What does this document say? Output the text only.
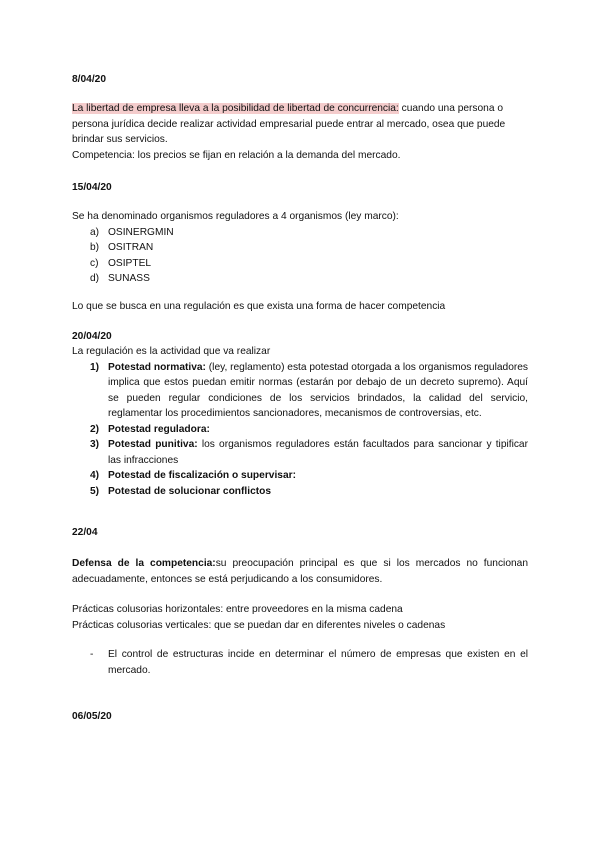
8/04/20

La libertad de empresa lleva a la posibilidad de libertad de concurrencia: cuando una persona o persona jurídica decide realizar actividad empresarial puede entrar al mercado, osea que puede brindar sus servicios.

Competencia: los precios se fijan en relación a la demanda del mercado.

15/04/20

Se ha denominado organismos reguladores a 4 organismos (ley marco):

a) OSINERGMIN
b) OSITRAN
c) OSIPTEL
d) SUNASS
Lo que se busca en una regulación es que exista una forma de hacer competencia
20/04/20

La regulación es la actividad que va realizar

1) Potestad normativa: (ley, reglamento) esta potestad otorgada a los organismos reguladores implica que estos puedan emitir normas (estarán por debajo de un decreto supremo). Aquí se pueden regular condiciones de los servicios brindados, la calidad del servicio, reglamentar los procedimientos sancionadores, mecanismos de controversias, etc.
2) Potestad reguladora:
3) Potestad punitiva: los organismos reguladores están facultados para sancionar y tipificar las infracciones
4) Potestad de fiscalización o supervisar:
5) Potestad de solucionar conflictos
22/04
Defensa de la competencia:su preocupación principal es que si los mercados no funcionan adecuadamente, entonces se está perjudicando a los consumidores.

Prácticas colusorias horizontales: entre proveedores en la misma cadena

Prácticas colusorias verticales: que se puedan dar en diferentes niveles o cadenas

- El control de estructuras incide en determinar el número de empresas que existen en el mercado.
06/05/20
